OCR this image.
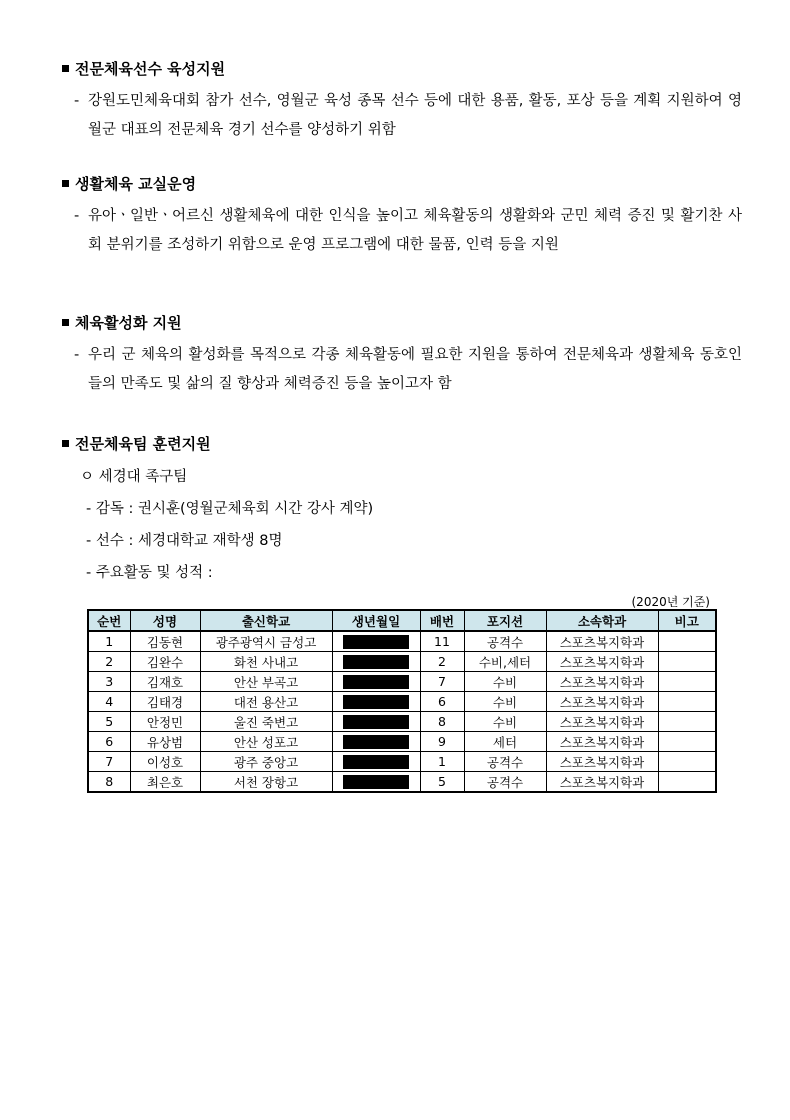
전문체육선수 육성지원
- 강원도민체육대회 참가 선수, 영월군 육성 종목 선수 등에 대한 용품, 활동, 포상 등을 계획 지원하여 영월군 대표의 전문체육 경기 선수를 양성하기 위함
생활체육 교실운영
- 유아ㆍ일반ㆍ어르신 생활체육에 대한 인식을 높이고 체육활동의 생활화와 군민 체력 증진 및 활기찬 사회 분위기를 조성하기 위함으로 운영 프로그램에 대한 물품, 인력 등을 지원
체육활성화 지원
- 우리 군 체육의 활성화를 목적으로 각종 체육활동에 필요한 지원을 통하여 전문체육과 생활체육 동호인들의 만족도 및 삶의 질 향상과 체력증진 등을 높이고자 함
전문체육팀 훈련지원
ㅇ 세경대 족구팀
- 감독 : 권시훈(영월군체육회 시간 강사 계약)
- 선수 : 세경대학교 재학생 8명
- 주요활동 및 성적 :
(2020년 기준)
순번	성명	출신학교	생년월일	배번	포지션	소속학과	비고
1	김동현	광주광역시 금성고		11	공격수	스포츠복지학과	
2	김완수	화천 사내고		2	수비,세터	스포츠복지학과	
3	김재호	안산 부곡고		7	수비	스포츠복지학과	
4	김태경	대전 용산고		6	수비	스포츠복지학과	
5	안정민	울진 죽변고		8	수비	스포츠복지학과	
6	유상범	안산 성포고		9	세터	스포츠복지학과	
7	이성호	광주 중앙고		1	공격수	스포츠복지학과	
8	최은호	서천 장항고		5	공격수	스포츠복지학과	
